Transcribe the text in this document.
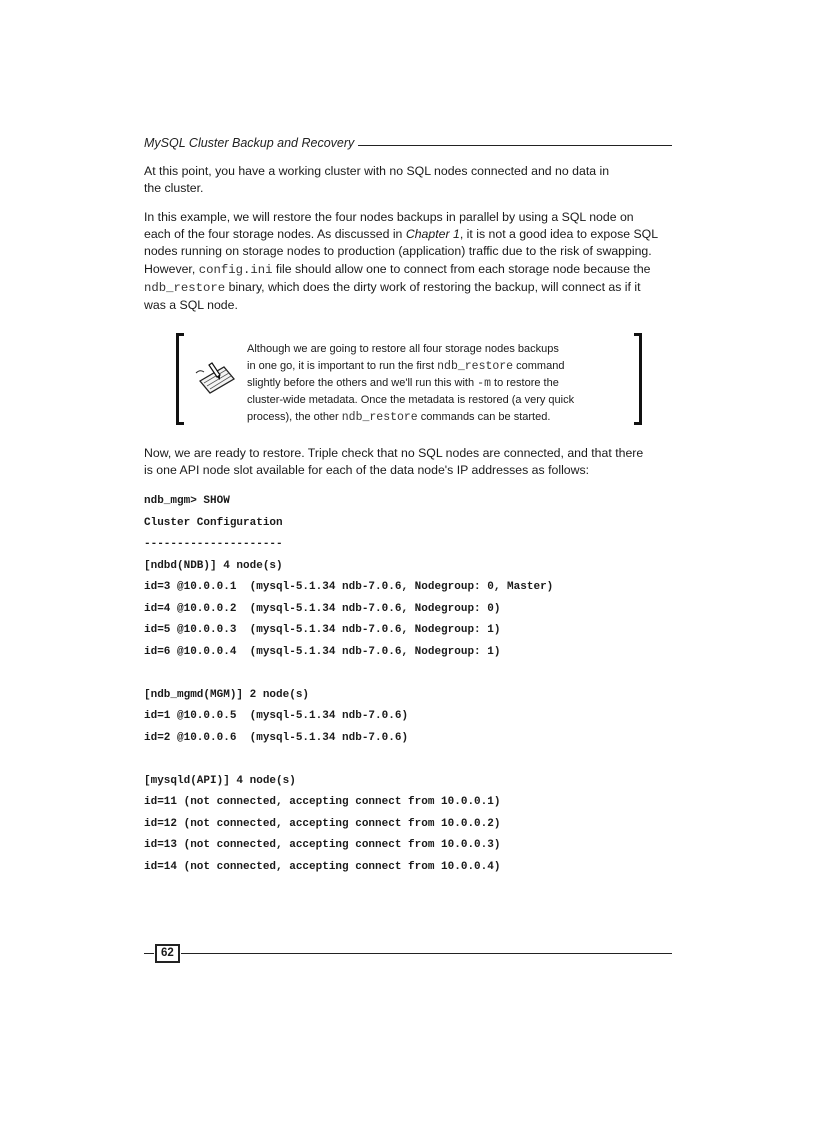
MySQL Cluster Backup and Recovery

At this point, you have a working cluster with no SQL nodes connected and no data in
the cluster.

In this example, we will restore the four nodes backups in parallel by using a SQL node on
each of the four storage nodes. As discussed in Chapter 1, it is not a good idea to expose SQL
nodes running on storage nodes to production (application) traffic due to the risk of swapping.
However, config.ini file should allow one to connect from each storage node because the
ndb_restore binary, which does the dirty work of restoring the backup, will connect as if it
was a SQL node.

Although we are going to restore all four storage nodes backups
in one go, it is important to run the first ndb_restore command
slightly before the others and we'll run this with -m to restore the
cluster-wide metadata. Once the metadata is restored (a very quick
process), the other ndb_restore commands can be started.

Now, we are ready to restore. Triple check that no SQL nodes are connected, and that there
is one API node slot available for each of the data node's IP addresses as follows:

ndb_mgm> SHOW
Cluster Configuration
---------------------
[ndbd(NDB)] 4 node(s)
id=3 @10.0.0.1  (mysql-5.1.34 ndb-7.0.6, Nodegroup: 0, Master)
id=4 @10.0.0.2  (mysql-5.1.34 ndb-7.0.6, Nodegroup: 0)
id=5 @10.0.0.3  (mysql-5.1.34 ndb-7.0.6, Nodegroup: 1)
id=6 @10.0.0.4  (mysql-5.1.34 ndb-7.0.6, Nodegroup: 1)
[ndb_mgmd(MGM)] 2 node(s)
id=1 @10.0.0.5  (mysql-5.1.34 ndb-7.0.6)
id=2 @10.0.0.6  (mysql-5.1.34 ndb-7.0.6)
[mysqld(API)] 4 node(s)
id=11 (not connected, accepting connect from 10.0.0.1)
id=12 (not connected, accepting connect from 10.0.0.2)
id=13 (not connected, accepting connect from 10.0.0.3)
id=14 (not connected, accepting connect from 10.0.0.4)
62
